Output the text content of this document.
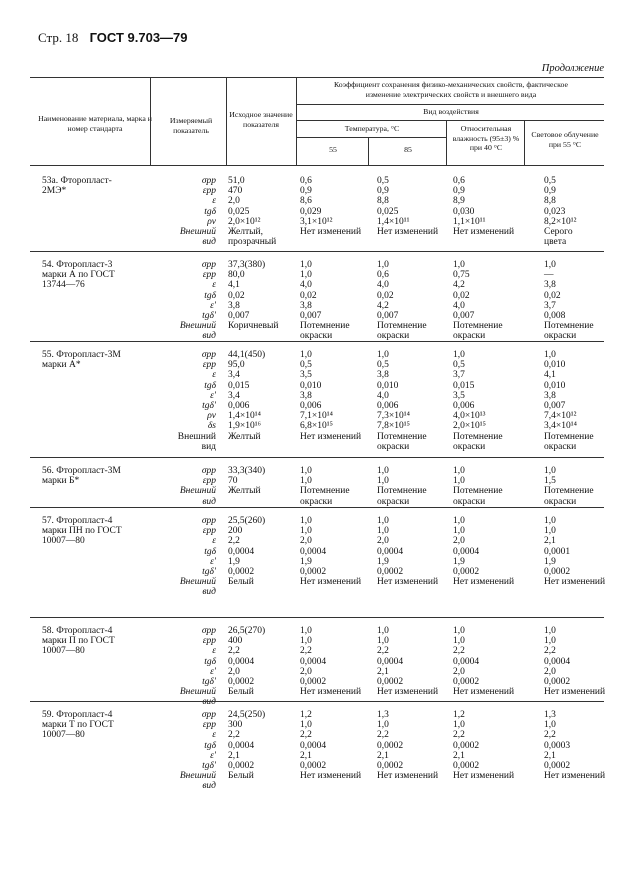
Стр. 18 ГОСТ 9.703—79
Продолжение
Наименование материала, марка и номер стандарта
Измеряемый показатель
Исходное значение показателя
Коэффициент сохранения физико-механических свойств, фактическое изменение электрических свойств и внешнего вида
Вид воздействия
Температура, °С
55	85
Относительная влажность (95±3) % при 40 °С
Световое облучение при 55 °С
53а. Фторопласт-
2МЭ*
σрр
εрр
ε
tgδ
ρv
Внешний
вид
51,0
470
2,0
0,025
2,0×10¹²
Желтый,
прозрачный
0,6
0,9
8,6
0,029
3,1×10¹²
Нет изменений
0,5
0,9
8,8
0,025
1,4×10¹¹
Нет изменений
0,6
0,9
8,9
0,030
1,1×10¹¹
Нет изменений
0,5
0,9
8,8
0,023
8,2×10¹²
Серого
цвета
54. Фторопласт-3
марки А по ГОСТ
13744—76
σрр
εрр
ε
tgδ
ε′
tgδ′
Внешний
вид
37,3(380)
80,0
4,1
0,02
3,8
0,007
Коричневый
1,0
1,0
4,0
0,02
3,8
0,007
Потемнение
окраски
1,0
0,6
4,0
0,02
4,2
0,007
Потемнение
окраски
1,0
0,75
4,2
0,02
4,0
0,007
Потемнение
окраски
1,0
—
3,8
0,02
3,7
0,008
Потемнение
окраски
55. Фторопласт-3М
марки А*
σрр
εрр
ε
tgδ
ε′
tgδ′
ρv
δs
Внешний
вид
44,1(450)
95,0
3,4
0,015
3,4
0,006
1,4×10¹⁴
1,9×10¹⁶
Желтый
1,0
0,5
3,5
0,010
3,8
0,006
7,1×10¹⁴
6,8×10¹⁵
Нет изменений
1,0
0,5
3,8
0,010
4,0
0,006
7,3×10¹⁴
7,8×10¹⁵
Потемнение
окраски
1,0
0,5
3,7
0,015
3,5
0,006
4,0×10¹³
2,0×10¹⁵
Потемнение
окраски
1,0
0,010
4,1
0,010
3,8
0,007
7,4×10¹²
3,4×10¹⁴
Потемнение
окраски
56. Фторопласт-3М
марки Б*
σрр
εрр
Внешний
вид
33,3(340)
70
Желтый
1,0
1,0
Потемнение
окраски
1,0
1,0
Потемнение
окраски
1,0
1,0
Потемнение
окраски
1,0
1,5
Потемнение
окраски
57. Фторопласт-4
марки ПН по ГОСТ
10007—80
σрр
εрр
ε
tgδ
ε′
tgδ′
Внешний
вид
25,5(260)
200
2,2
0,0004
1,9
0,0002
Белый
1,0
1,0
2,0
0,0004
1,9
0,0002
Нет изменений
1,0
1,0
2,0
0,0004
1,9
0,0002
Нет изменений
1,0
1,0
2,0
0,0004
1,9
0,0002
Нет изменений
1,0
1,0
2,1
0,0001
1,9
0,0002
Нет изменений
58. Фторопласт-4
марки П по ГОСТ
10007—80
σрр
εрр
ε
tgδ
ε′
tgδ′
Внешний
вид
26,5(270)
400
2,2
0,0004
2,0
0,0002
Белый
1,0
1,0
2,2
0,0004
2,0
0,0002
Нет изменений
1,0
1,0
2,2
0,0004
2,1
0,0002
Нет изменений
1,0
1,0
2,2
0,0004
2,0
0,0002
Нет изменений
1,0
1,0
2,2
0,0004
2,0
0,0002
Нет изменений
59. Фторопласт-4
марки Т по ГОСТ
10007—80
σрр
εрр
ε
tgδ
ε′
tgδ′
Внешний
вид
24,5(250)
300
2,2
0,0004
2,1
0,0002
Белый
1,2
1,0
2,2
0,0004
2,1
0,0002
Нет изменений
1,3
1,0
2,2
0,0002
2,1
0,0002
Нет изменений
1,2
1,0
2,2
0,0002
2,1
0,0002
Нет изменений
1,3
1,0
2,2
0,0003
2,1
0,0002
Нет изменений
